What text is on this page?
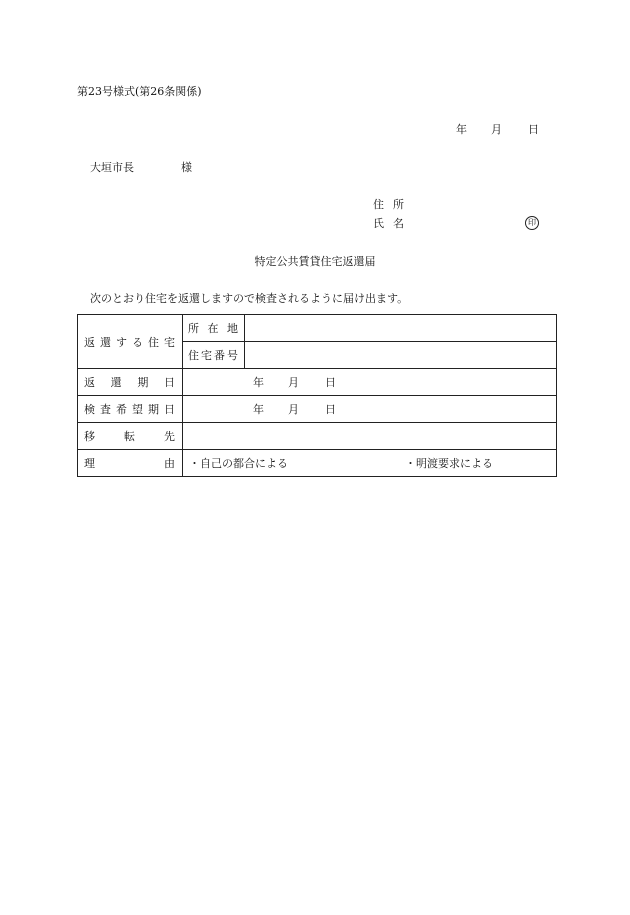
第23号様式(第26条関係)
年	月	日
大垣市長	様
住所
氏名	印
特定公共賃貸住宅返還届
次のとおり住宅を返還しますので検査されるように届け出ます。
返還する住宅	所在地	
	住宅番号	
返還期日	年 月 日	

検査希望期日	年 月 日	

移転先		
理由	・自己の都合による ・明渡要求による	
